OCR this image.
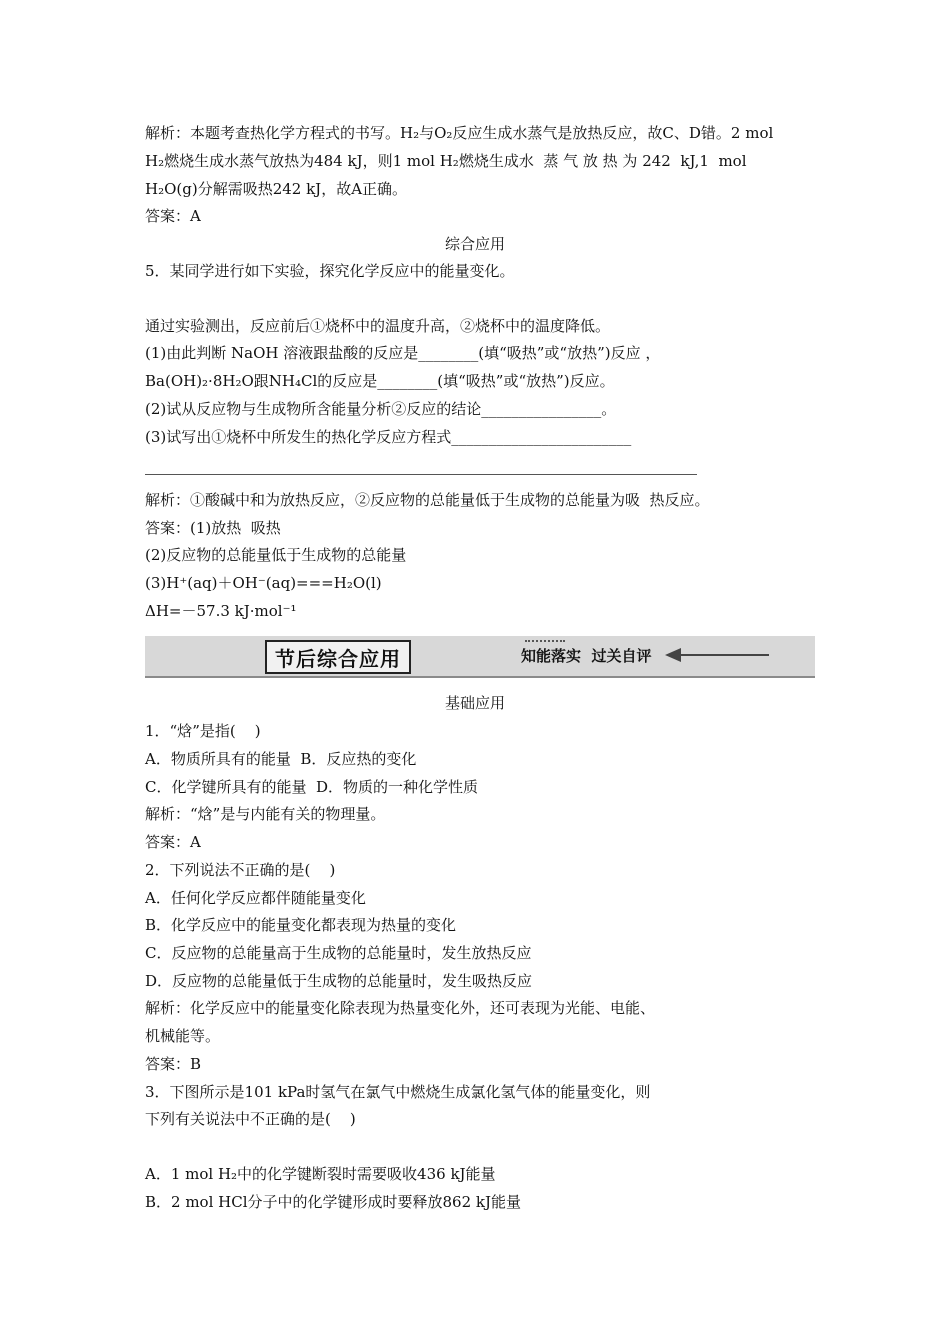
解析：本题考查热化学方程式的书写。H₂与O₂反应生成水蒸气是放热反应，故C、D错。2 mol
H₂燃烧生成水蒸气放热为484 kJ，则1 mol H₂燃烧生成水  蒸 气 放 热 为 242  kJ,1  mol
H₂O(g)分解需吸热242 kJ，故A正确。
答案：A
综合应用
5．某同学进行如下实验，探究化学反应中的能量变化。
通过实验测出，反应前后①烧杯中的温度升高，②烧杯中的温度降低。
(1)由此判断 NaOH 溶液跟盐酸的反应是________(填“吸热”或“放热”)反应 ，
Ba(OH)₂·8H₂O跟NH₄Cl的反应是________(填“吸热”或“放热”)反应。
(2)试从反应物与生成物所含能量分析②反应的结论________________。
(3)试写出①烧杯中所发生的热化学反应方程式________________________
解析：①酸碱中和为放热反应，②反应物的总能量低于生成物的总能量为吸  热反应。
答案：(1)放热  吸热
(2)反应物的总能量低于生成物的总能量
(3)H⁺(aq)＋OH⁻(aq)===H₂O(l)
ΔH=－57.3 kJ·mol⁻¹
节后综合应用	知能落实  过关自评
基础应用
1．“焓”是指(    )
A．物质所具有的能量  B．反应热的变化
C．化学键所具有的能量  D．物质的一种化学性质
解析：“焓”是与内能有关的物理量。
答案：A
2．下列说法不正确的是(    )
A．任何化学反应都伴随能量变化
B．化学反应中的能量变化都表现为热量的变化
C．反应物的总能量高于生成物的总能量时，发生放热反应
D．反应物的总能量低于生成物的总能量时，发生吸热反应
解析：化学反应中的能量变化除表现为热量变化外，还可表现为光能、电能、
机械能等。
答案：B
3．下图所示是101 kPa时氢气在氯气中燃烧生成氯化氢气体的能量变化，则
下列有关说法中不正确的是(    )
A．1 mol H₂中的化学键断裂时需要吸收436 kJ能量
B．2 mol HCl分子中的化学键形成时要释放862 kJ能量
